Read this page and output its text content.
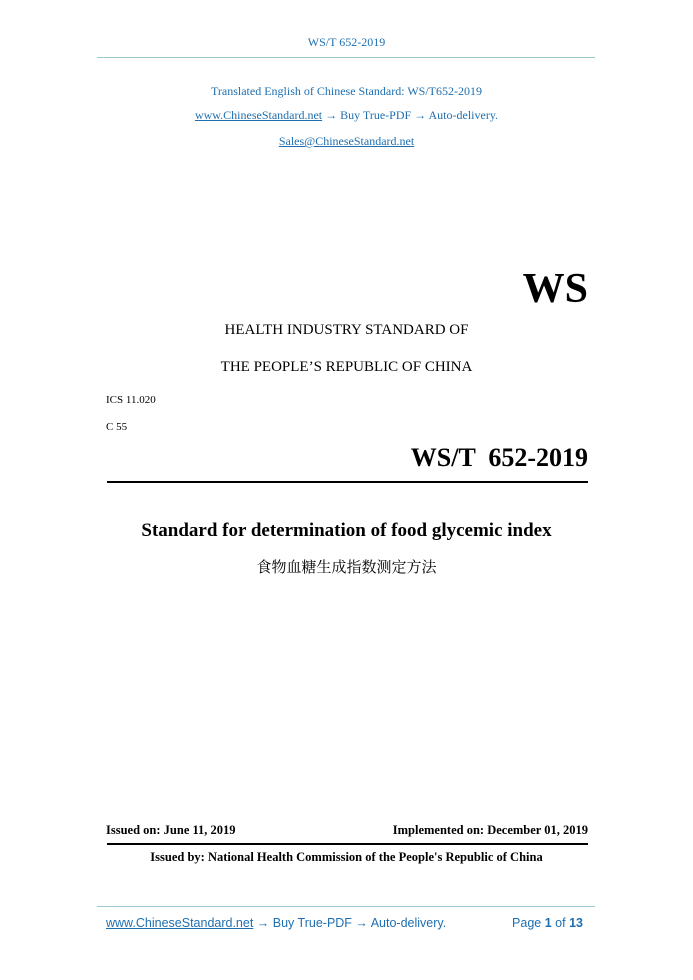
WS/T 652-2019
Translated English of Chinese Standard: WS/T652-2019
www.ChineseStandard.net → Buy True-PDF → Auto-delivery.
Sales@ChineseStandard.net
WS
HEALTH INDUSTRY STANDARD OF
THE PEOPLE’S REPUBLIC OF CHINA
ICS 11.020
C 55
WS/T  652-2019
Standard for determination of food glycemic index
食物血糖生成指数测定方法
Issued on: June 11, 2019	Implemented on: December 01, 2019
Issued by: National Health Commission of the People's Republic of China
www.ChineseStandard.net → Buy True-PDF → Auto-delivery.	Page 1 of 13
